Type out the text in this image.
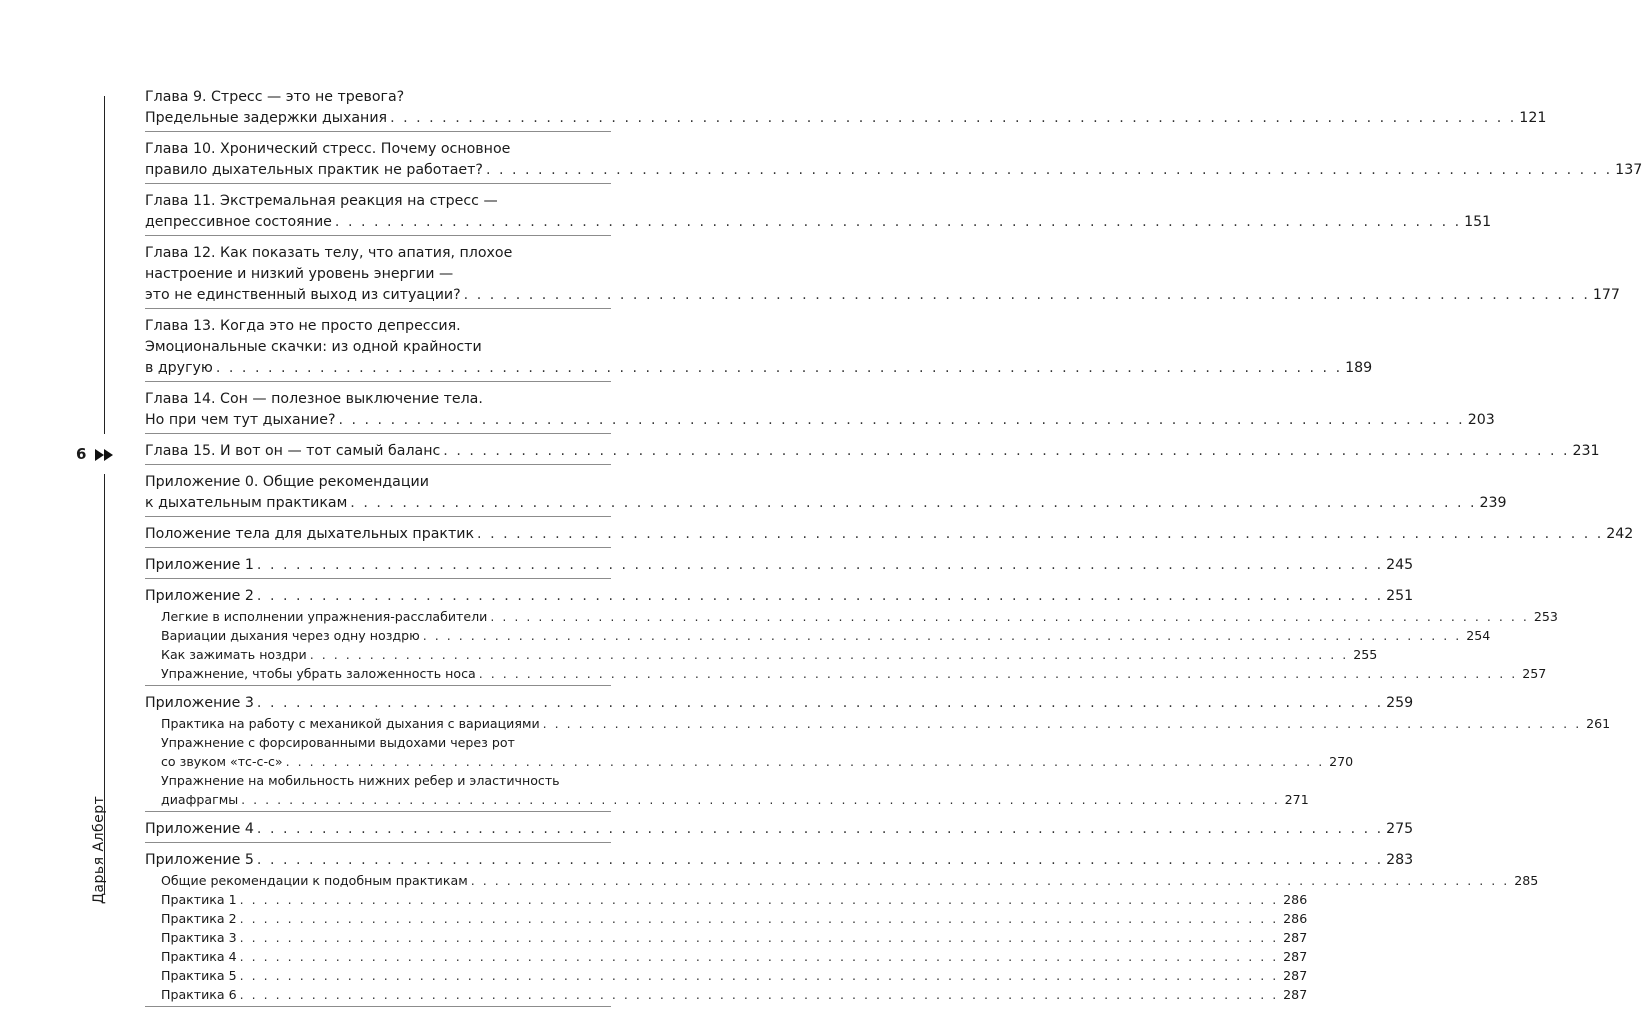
6
Дарья Алберт
Глава 9. Стресс — это не тревога?
Предельные задержки дыхания . . .	121
Глава 10. Хронический стресс. Почему основное
правило дыхательных практик не работает? . . .	137
Глава 11. Экстремальная реакция на стресс —
депрессивное состояние . . .	151
Глава 12. Как показать телу, что апатия, плохое
настроение и низкий уровень энергии —
это не единственный выход из ситуации? . . .	177
Глава 13. Когда это не просто депрессия.
Эмоциональные скачки: из одной крайности
в другую . . .	189
Глава 14. Сон — полезное выключение тела.
Но при чем тут дыхание? . . .	203
Глава 15. И вот он — тот самый баланс . . .	231
Приложение 0. Общие рекомендации
к дыхательным практикам . . .	239
Положение тела для дыхательных практик . . .	242
Приложение 1 . . .	245
Приложение 2 . . .	251
Легкие в исполнении упражнения-расслабители . . .	253
Вариации дыхания через одну ноздрю . . .	254
Как зажимать ноздри . . .	255
Упражнение, чтобы убрать заложенность носа . . .	257
Приложение 3 . . .	259
Практика на работу с механикой дыхания с вариациями . . .	261
Упражнение с форсированными выдохами через рот
со звуком «тс-с-с» . . .	270
Упражнение на мобильность нижних ребер и эластичность
диафрагмы . . .	271
Приложение 4 . . .	275
Приложение 5 . . .	283
Общие рекомендации к подобным практикам . . .	285
Практика 1 . . .	286
Практика 2 . . .	286
Практика 3 . . .	287
Практика 4 . . .	287
Практика 5 . . .	287
Практика 6 . . .	287
